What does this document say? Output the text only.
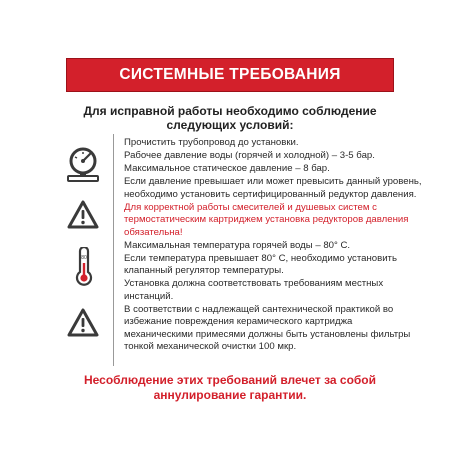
СИСТЕМНЫЕ ТРЕБОВАНИЯ
Для исправной работы необходимо соблюдение
следующих условий:
80

Прочистить трубопровод до установки.

Рабочее давление воды (горячей и холодной) – 3-5 бар.

Максимальное статическое давление – 8 бар.

Если давление превышает или может превысить данный уровень, необходимо установить сертифицированный редуктор давления.

Для корректной работы смесителей и душевых систем с термостатическим картриджем установка редукторов давления обязательна!

Максимальная температура горячей воды – 80° С.

Если температура превышает 80° С, необходимо установить клапанный регулятор температуры.

Установка должна соответствовать требованиям местных инстанций.

В соответствии с надлежащей сантехнической практикой во избежание повреждения керамического картриджа механическими примесями должны быть установлены фильтры тонкой механической очистки 100 мкр.

Несоблюдение этих требований влечет за собой
аннулирование гарантии.
